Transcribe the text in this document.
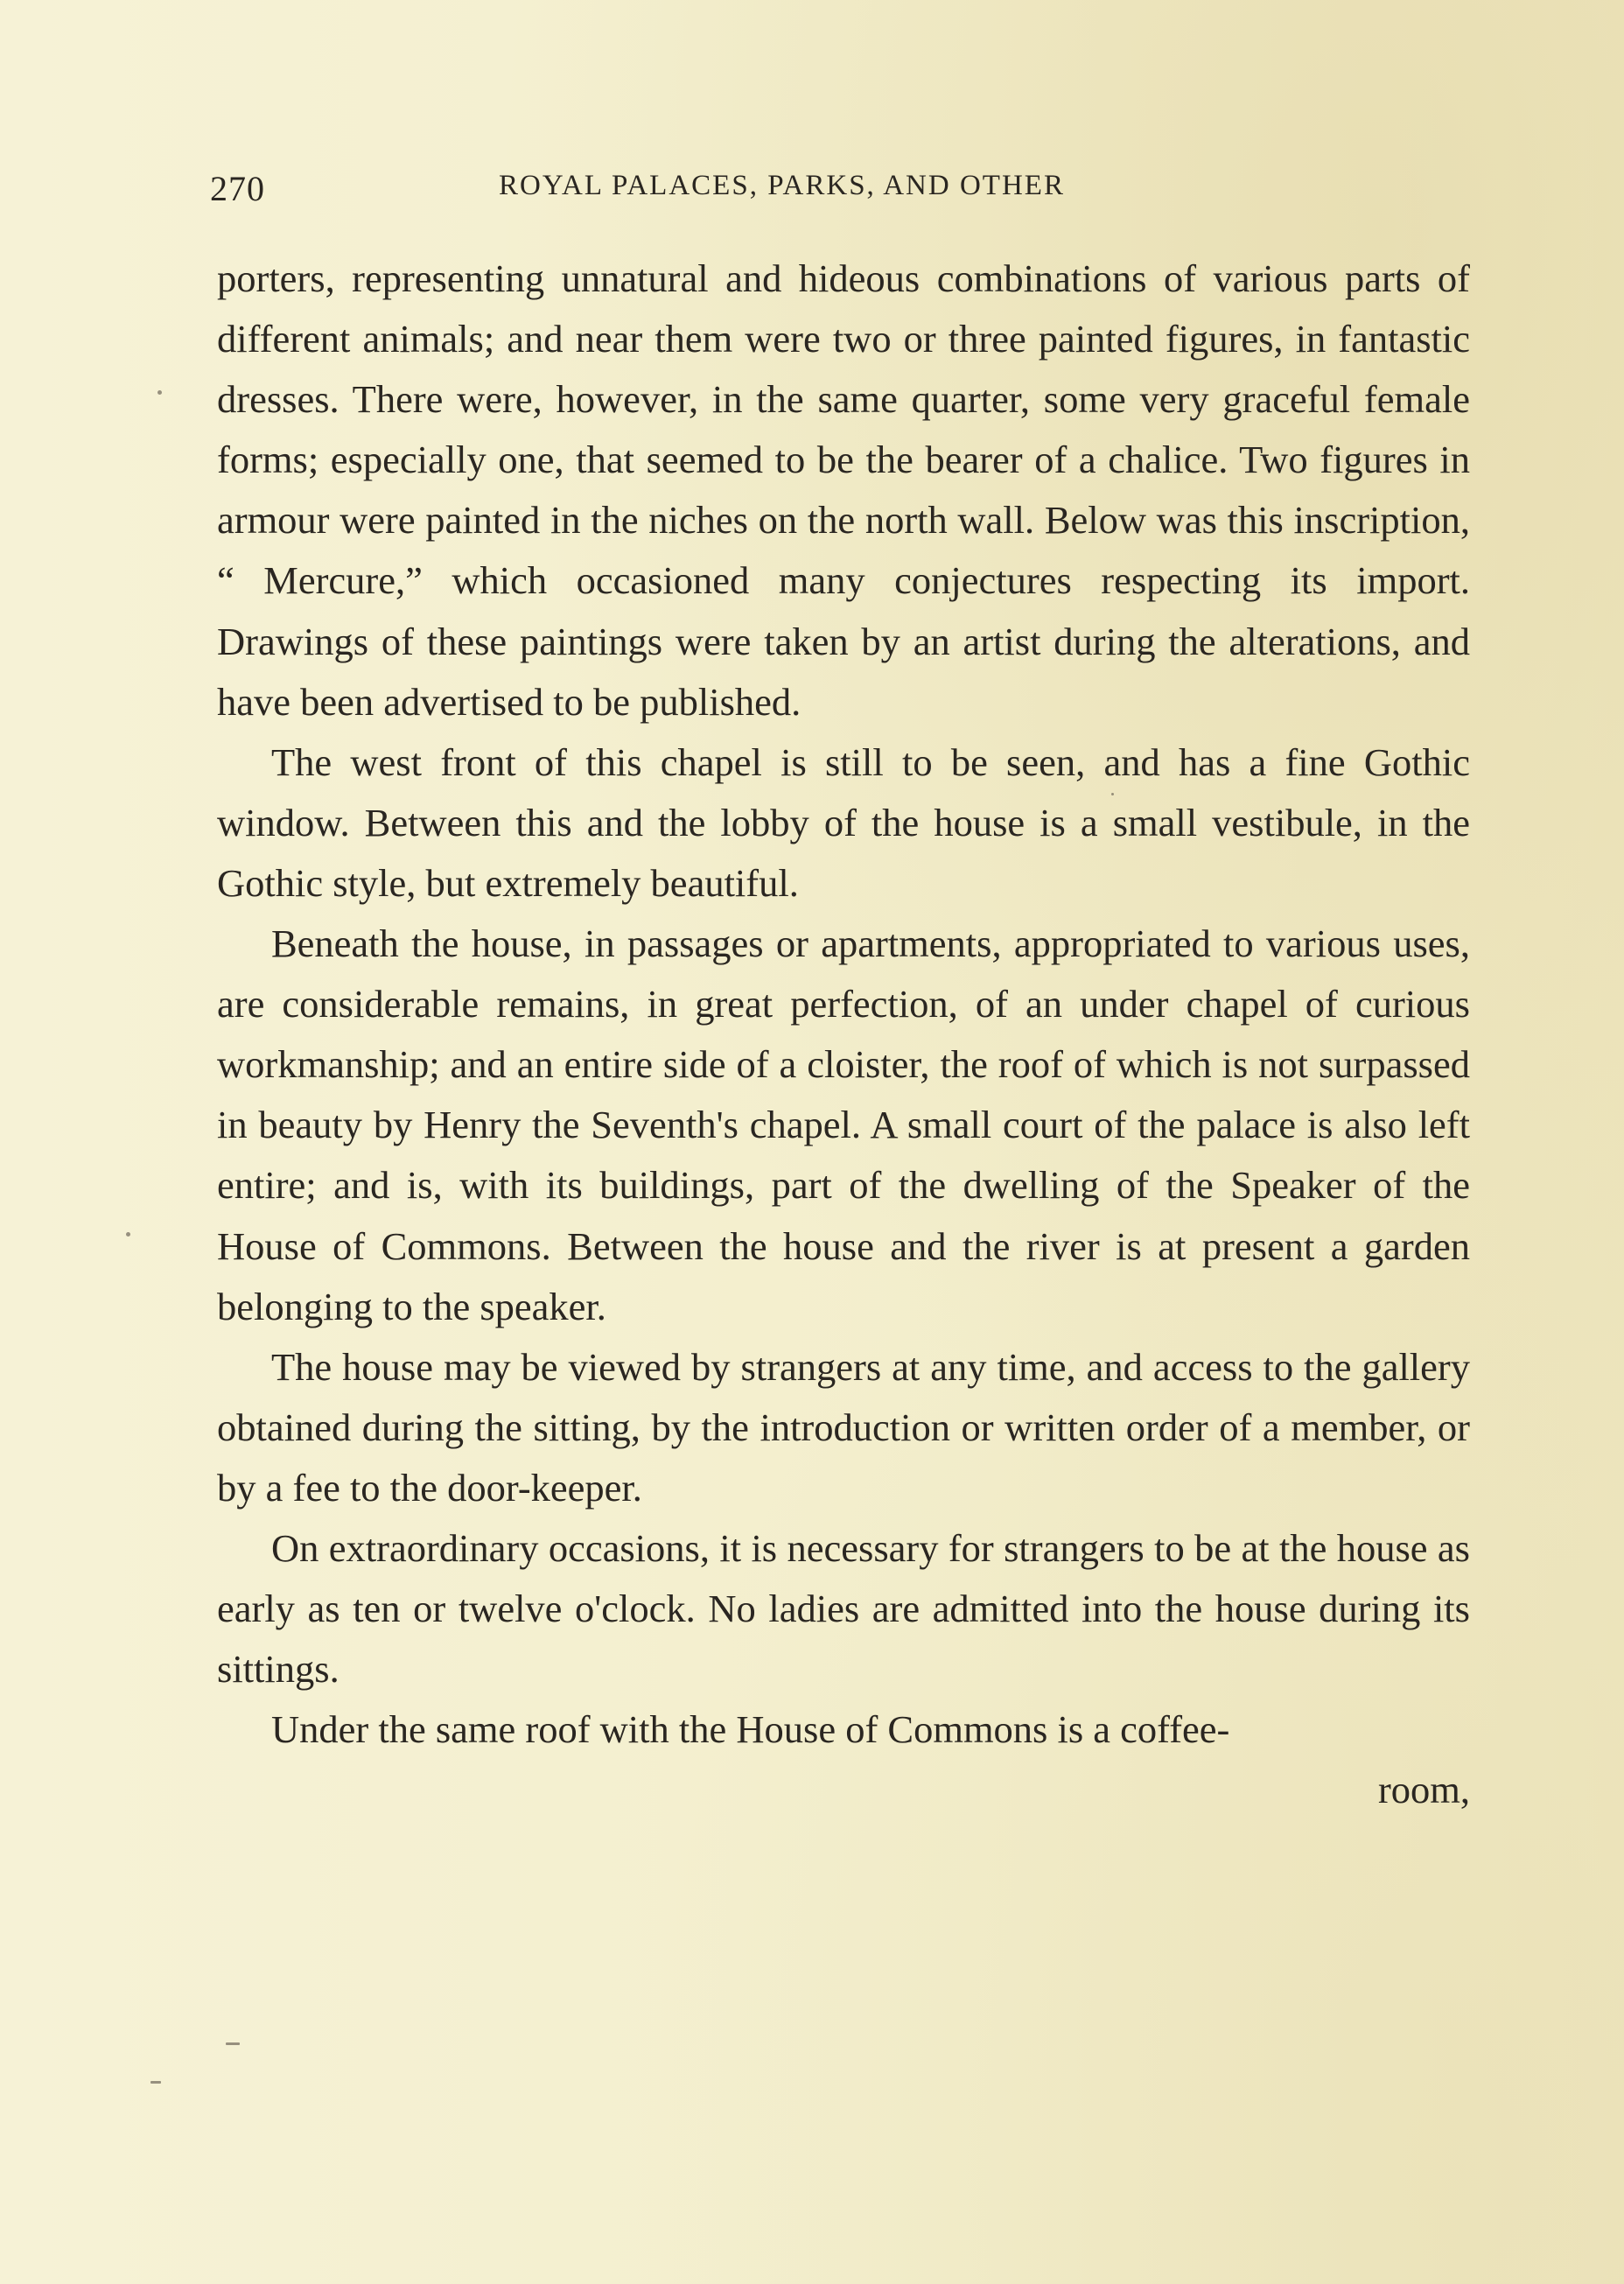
270	ROYAL PALACES, PARKS, AND OTHER

porters, representing unnatural and hideous combinations of various parts of different animals; and near them were two or three painted figures, in fantastic dresses. There were, however, in the same quarter, some very graceful female forms; especially one, that seemed to be the bearer of a chalice. Two figures in armour were painted in the niches on the north wall. Below was this inscription, “ Mercure,” which occasioned many conjectures respecting its import. Drawings of these paintings were taken by an artist during the alterations, and have been advertised to be published.

The west front of this chapel is still to be seen, and has a fine Gothic window. Between this and the lobby of the house is a small vestibule, in the Gothic style, but extremely beautiful.

Beneath the house, in passages or apartments, appropriated to various uses, are considerable remains, in great perfection, of an under chapel of curious workmanship; and an entire side of a cloister, the roof of which is not surpassed in beauty by Henry the Seventh's chapel. A small court of the palace is also left entire; and is, with its buildings, part of the dwelling of the Speaker of the House of Commons. Between the house and the river is at present a garden belonging to the speaker.

The house may be viewed by strangers at any time, and access to the gallery obtained during the sitting, by the introduction or written order of a member, or by a fee to the door-keeper.

On extraordinary occasions, it is necessary for strangers to be at the house as early as ten or twelve o'clock. No ladies are admitted into the house during its sittings.

Under the same roof with the House of Commons is a coffee-

room,
